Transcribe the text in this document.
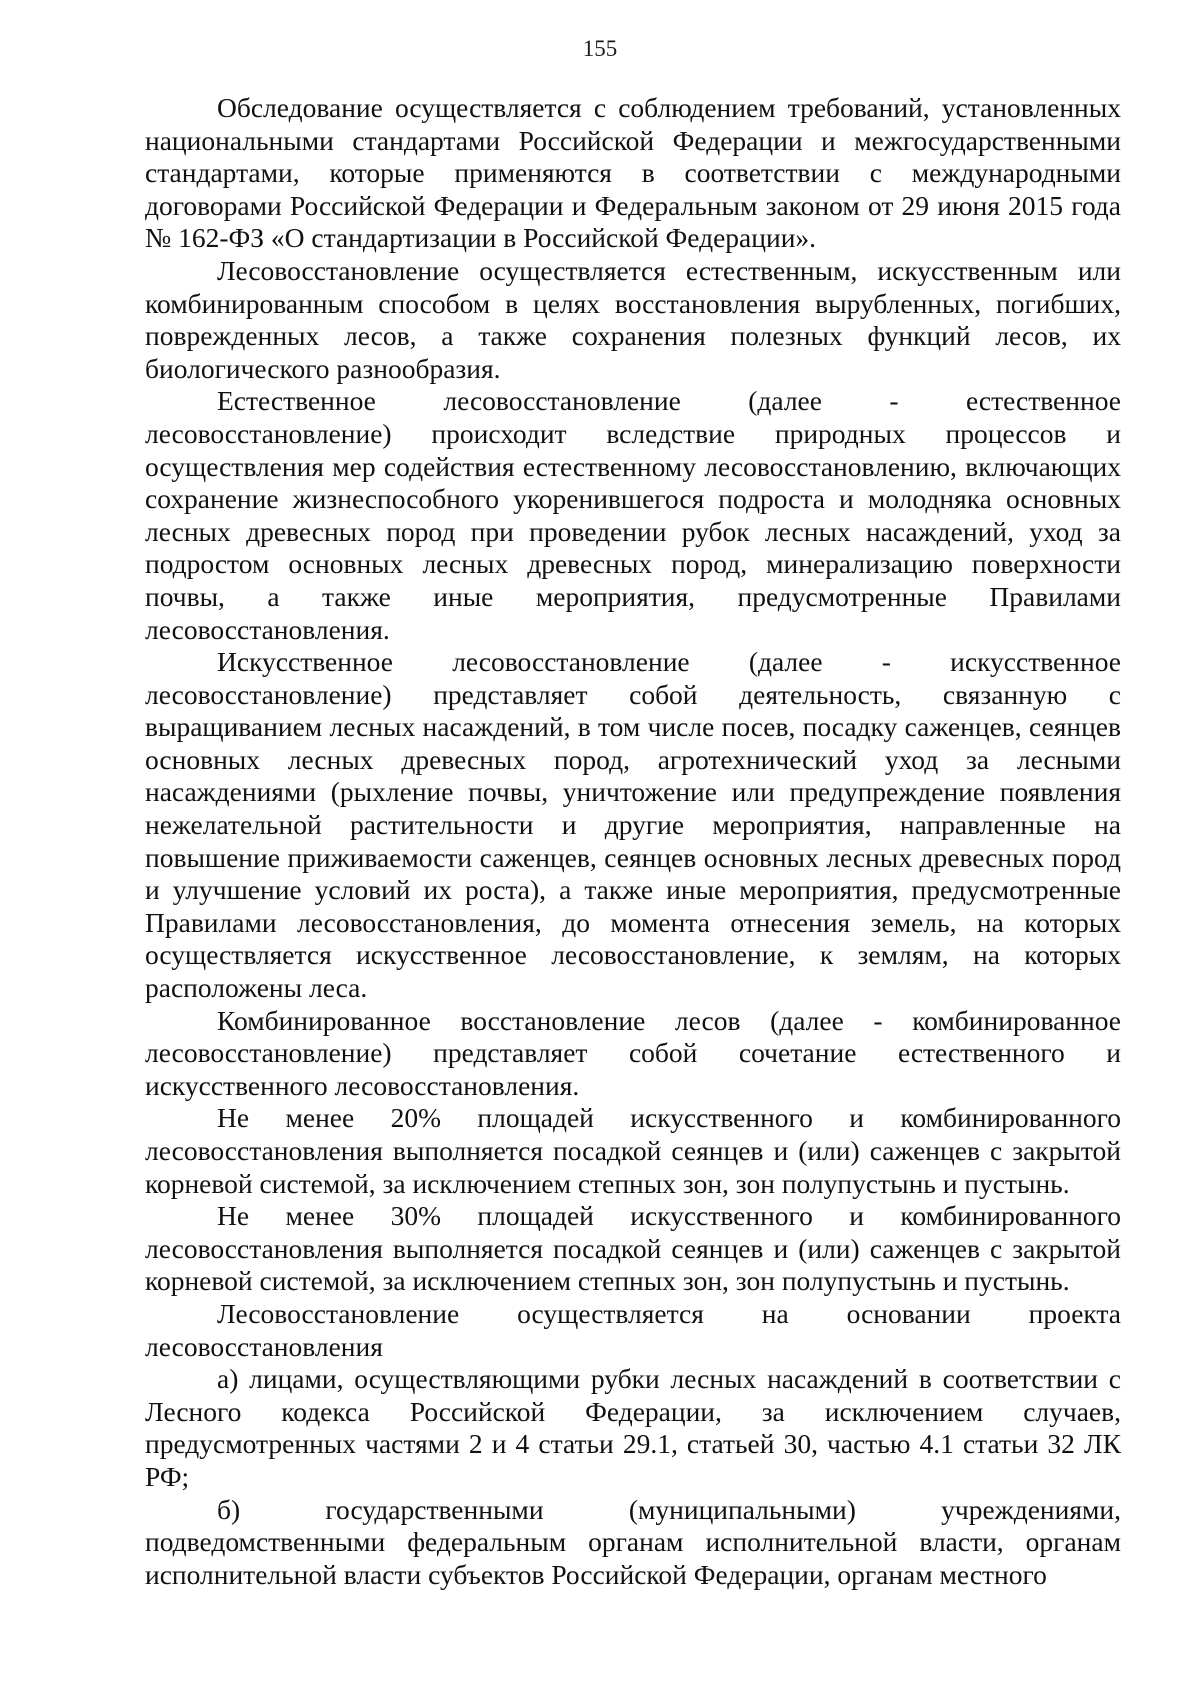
155

Обследование осуществляется с соблюдением требований, установленных национальными стандартами Российской Федерации и межгосударственными стандартами, которые применяются в соответствии с международными договорами Российской Федерации и Федеральным законом от 29 июня 2015 года № 162-ФЗ «О стандартизации в Российской Федерации».

Лесовосстановление осуществляется естественным, искусственным или комбинированным способом в целях восстановления вырубленных, погибших, поврежденных лесов, а также сохранения полезных функций лесов, их биологического разнообразия.

Естественное лесовосстановление (далее - естественное лесовосстановление) происходит вследствие природных процессов и осуществления мер содействия естественному лесовосстановлению, включающих сохранение жизнеспособного укоренившегося подроста и молодняка основных лесных древесных пород при проведении рубок лесных насаждений, уход за подростом основных лесных древесных пород, минерализацию поверхности почвы, а также иные мероприятия, предусмотренные Правилами лесовосстановления.

Искусственное лесовосстановление (далее - искусственное лесовосстановление) представляет собой деятельность, связанную с выращиванием лесных насаждений, в том числе посев, посадку саженцев, сеянцев основных лесных древесных пород, агротехнический уход за лесными насаждениями (рыхление почвы, уничтожение или предупреждение появления нежелательной растительности и другие мероприятия, направленные на повышение приживаемости саженцев, сеянцев основных лесных древесных пород и улучшение условий их роста), а также иные мероприятия, предусмотренные Правилами лесовосстановления, до момента отнесения земель, на которых осуществляется искусственное лесовосстановление, к землям, на которых расположены леса.

Комбинированное восстановление лесов (далее - комбинированное лесовосстановление) представляет собой сочетание естественного и искусственного лесовосстановления.

Не менее 20% площадей искусственного и комбинированного лесовосстановления выполняется посадкой сеянцев и (или) саженцев с закрытой корневой системой, за исключением степных зон, зон полупустынь и пустынь.

Не менее 30% площадей искусственного и комбинированного лесовосстановления выполняется посадкой сеянцев и (или) саженцев с закрытой корневой системой, за исключением степных зон, зон полупустынь и пустынь.

Лесовосстановление осуществляется на основании проекта лесовосстановления

а) лицами, осуществляющими рубки лесных насаждений в соответствии с Лесного кодекса Российской Федерации, за исключением случаев, предусмотренных частями 2 и 4 статьи 29.1, статьей 30, частью 4.1 статьи 32 ЛК РФ;

б) государственными (муниципальными) учреждениями, подведомственными федеральным органам исполнительной власти, органам исполнительной власти субъектов Российской Федерации, органам местного
